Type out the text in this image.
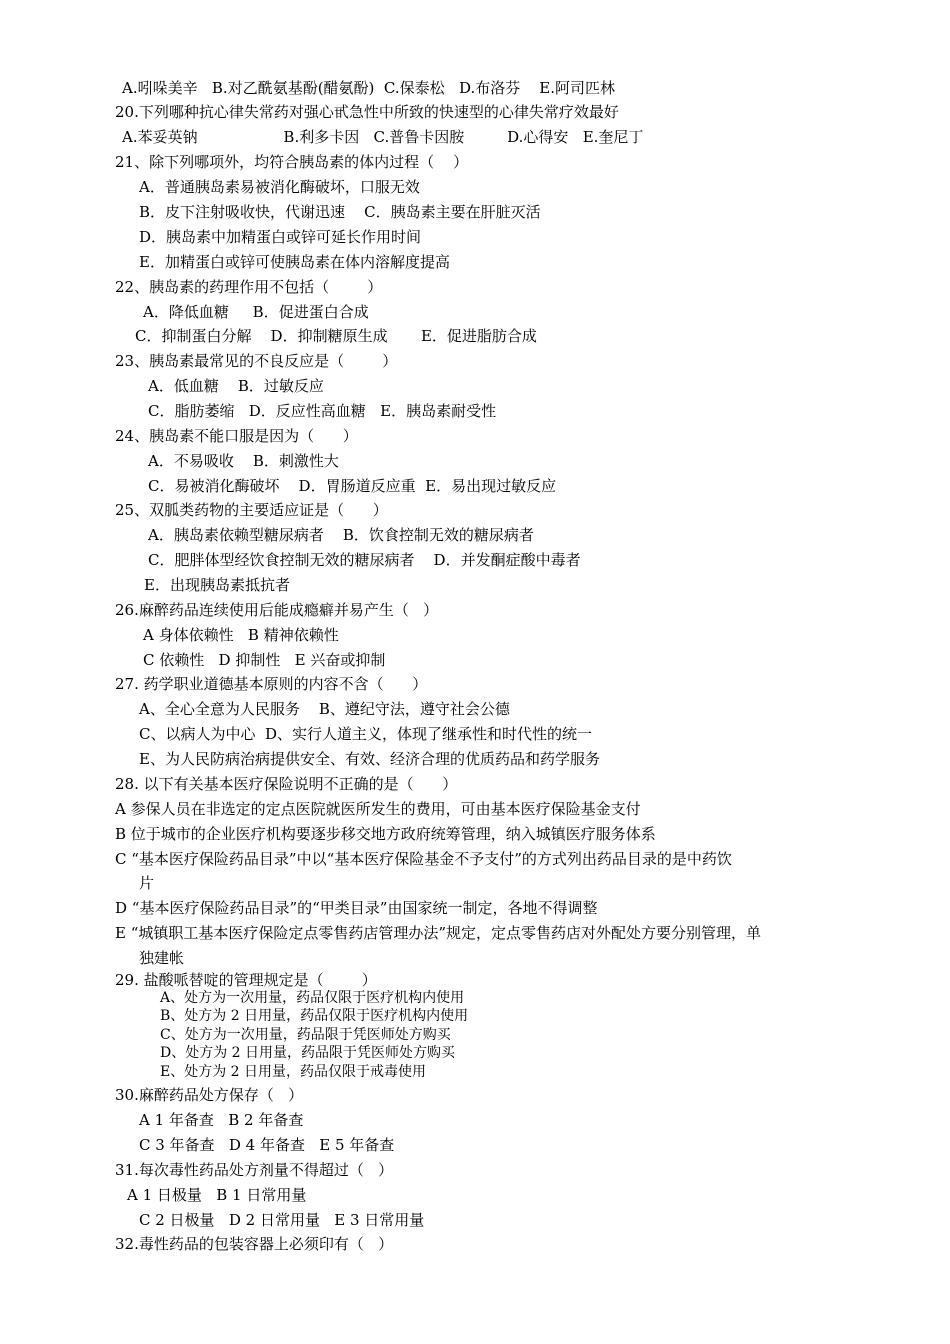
A.吲哚美辛   B.对乙酰氨基酚(醋氨酚)  C.保泰松   D.布洛芬    E.阿司匹林
20.下列哪种抗心律失常药对强心甙急性中所致的快速型的心律失常疗效最好
A.苯妥英钠                  B.利多卡因   C.普鲁卡因胺         D.心得安   E.奎尼丁
21、除下列哪项外，均符合胰岛素的体内过程（    ）
A．普通胰岛素易被消化酶破坏，口服无效
B．皮下注射吸收快，代谢迅速    C．胰岛素主要在肝脏灭活
D．胰岛素中加精蛋白或锌可延长作用时间
E．加精蛋白或锌可使胰岛素在体内溶解度提高
22、胰岛素的药理作用不包括（        ）
A．降低血糖     B．促进蛋白合成
C．抑制蛋白分解    D．抑制糖原生成       E．促进脂肪合成
23、胰岛素最常见的不良反应是（        ）
A．低血糖    B．过敏反应
C．脂肪萎缩   D．反应性高血糖   E．胰岛素耐受性
24、胰岛素不能口服是因为（      ）
A．不易吸收    B．刺激性大
C．易被消化酶破坏    D．胃肠道反应重  E．易出现过敏反应
25、双胍类药物的主要适应证是（      ）
A．胰岛素依赖型糖尿病者    B．饮食控制无效的糖尿病者
C．肥胖体型经饮食控制无效的糖尿病者    D．并发酮症酸中毒者
E．出现胰岛素抵抗者
26.麻醉药品连续使用后能成瘾癖并易产生（   ）
A 身体依赖性   B 精神依赖性
C 依赖性   D 抑制性   E 兴奋或抑制
27. 药学职业道德基本原则的内容不含（      ）
A、全心全意为人民服务    B、遵纪守法，遵守社会公德
C、以病人为中心  D、实行人道主义，体现了继承性和时代性的统一
E、为人民防病治病提供安全、有效、经济合理的优质药品和药学服务
28. 以下有关基本医疗保险说明不正确的是（      ）
A 参保人员在非选定的定点医院就医所发生的费用，可由基本医疗保险基金支付
B 位于城市的企业医疗机构要逐步移交地方政府统筹管理，纳入城镇医疗服务体系
C “基本医疗保险药品目录”中以“基本医疗保险基金不予支付”的方式列出药品目录的是中药饮
片
D “基本医疗保险药品目录”的“甲类目录”由国家统一制定，各地不得调整
E “城镇职工基本医疗保险定点零售药店管理办法”规定，定点零售药店对外配处方要分别管理，单
独建帐
29. 盐酸哌替啶的管理规定是（        ）
A、处方为一次用量，药品仅限于医疗机构内使用
B、处方为 2 日用量，药品仅限于医疗机构内使用
C、处方为一次用量，药品限于凭医师处方购买
D、处方为 2 日用量，药品限于凭医师处方购买
E、处方为 2 日用量，药品仅限于戒毒使用
30.麻醉药品处方保存（   ）
A 1 年备查   B 2 年备查
C 3 年备查   D 4 年备查   E 5 年备查
31.每次毒性药品处方剂量不得超过（   ）
A 1 日极量   B 1 日常用量
C 2 日极量   D 2 日常用量   E 3 日常用量
32.毒性药品的包装容器上必须印有（   ）
